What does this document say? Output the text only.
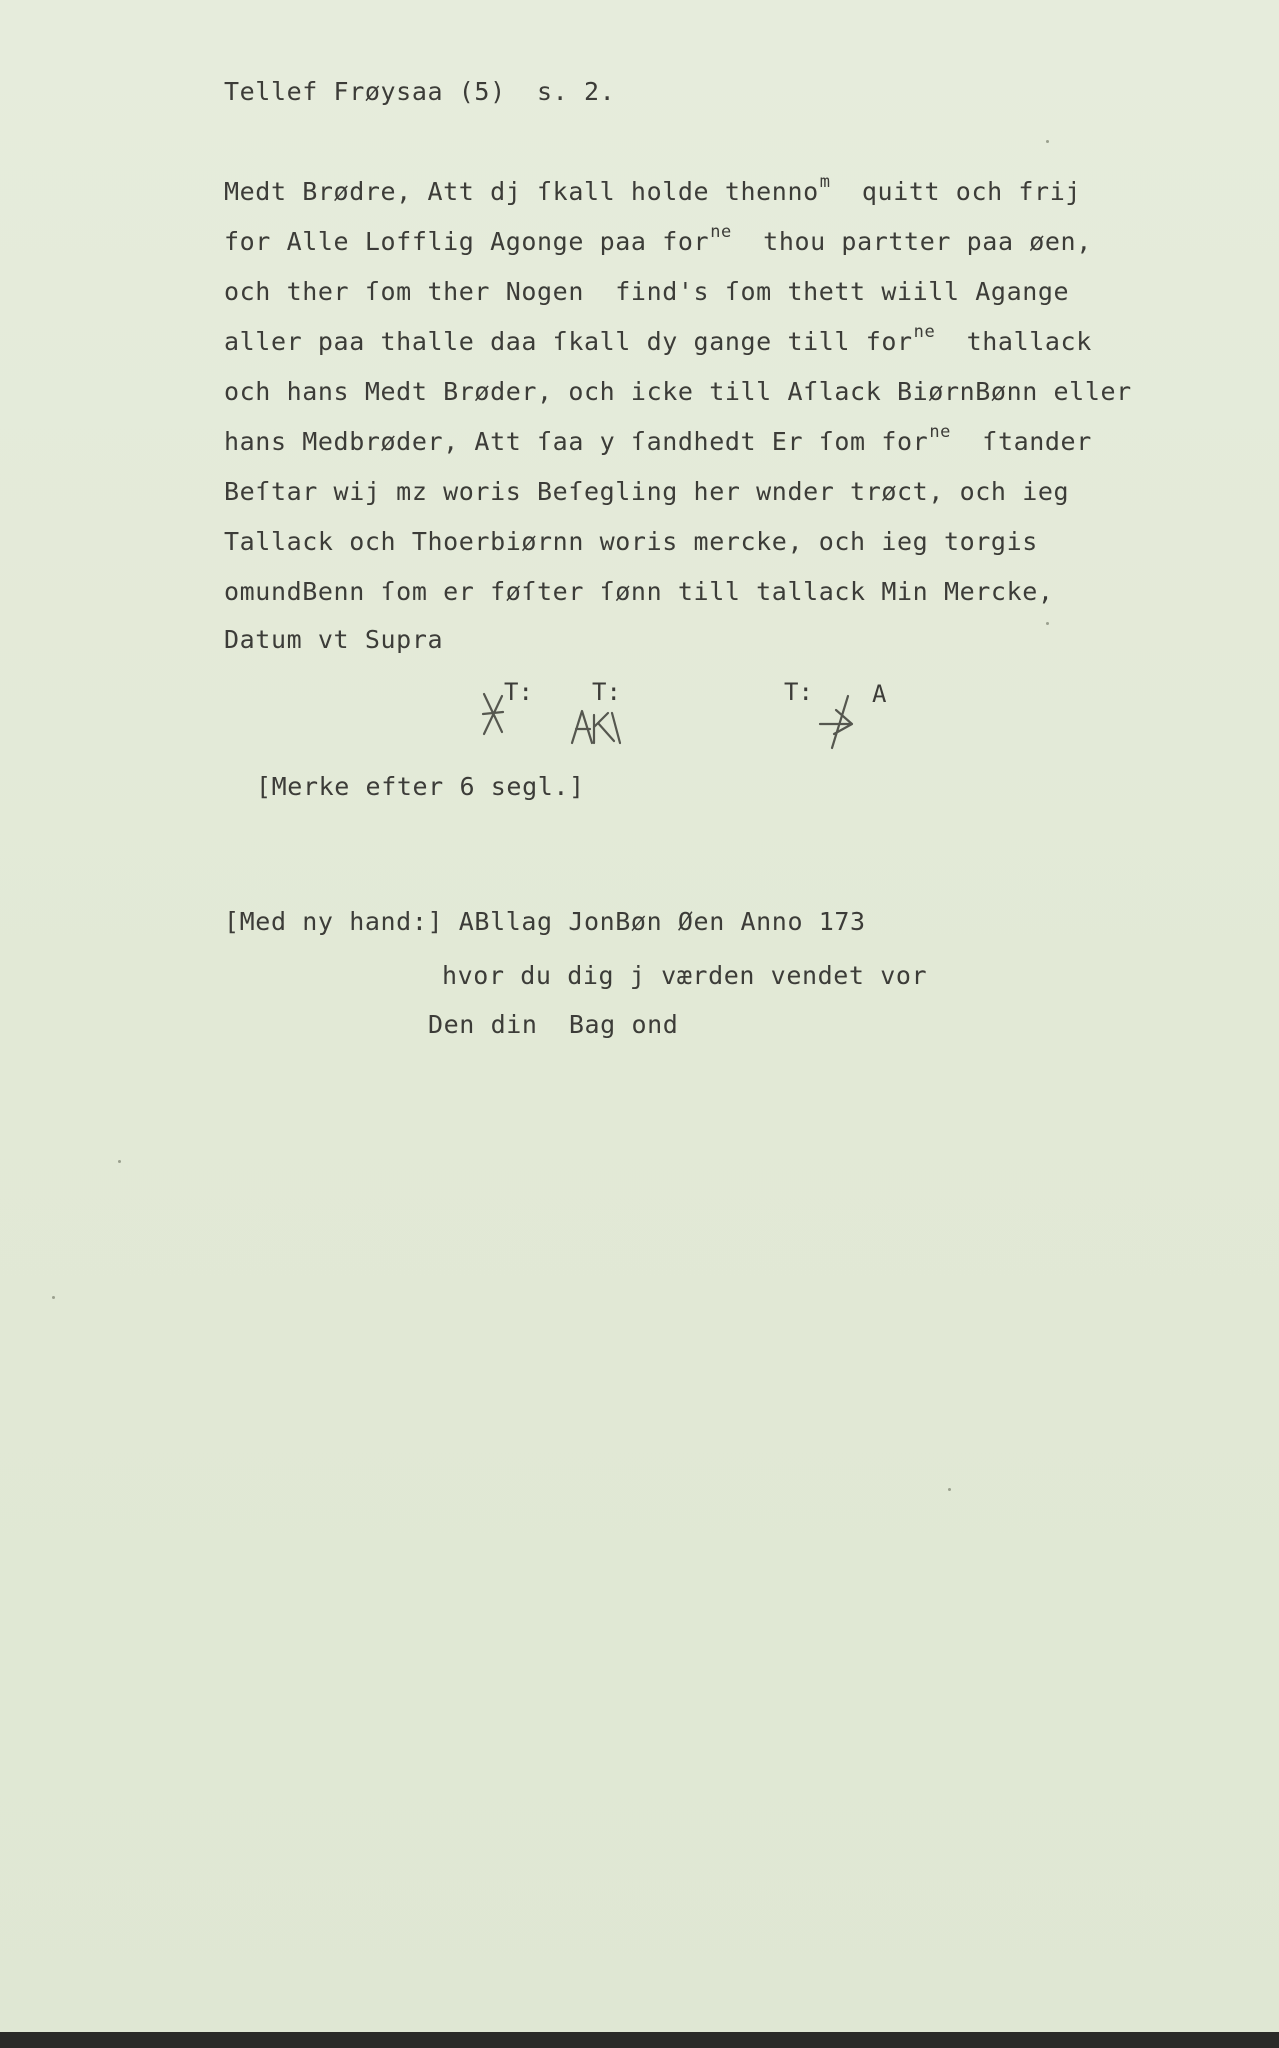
Tellef Frøysaa (5)  s. 2.
Medt Brødre, Att dj ſkall holde thenno$^m$  quitt och frij
for Alle Lofflig Agonge paa for$^{ne}$  thou partter paa øen,
och ther ſom ther Nogen  find's ſom thett wiill Agange
aller paa thalle daa ſkall dy gange till for$^{ne}$  thallack
och hans Medt Brøder, och icke till Aſlack BiørnBønn eller
hans Medbrøder, Att ſaa y ſandhedt Er ſom for$^{ne}$  ſtander
Beſtar wij mz woris Beſegling her wnder trøct, och ieg
Tallack och Thoerbiørnn woris mercke, och ieg torgis
omundBenn ſom er føſter ſønn till tallack Min Mercke,
Datum vt Supra
T: T:	T: A
[Merke efter 6 segl.]
[Med ny hand:] ABllag JonBøn Øen Anno 173
hvor du dig j værden vendet vor
Den din  Bag ond
